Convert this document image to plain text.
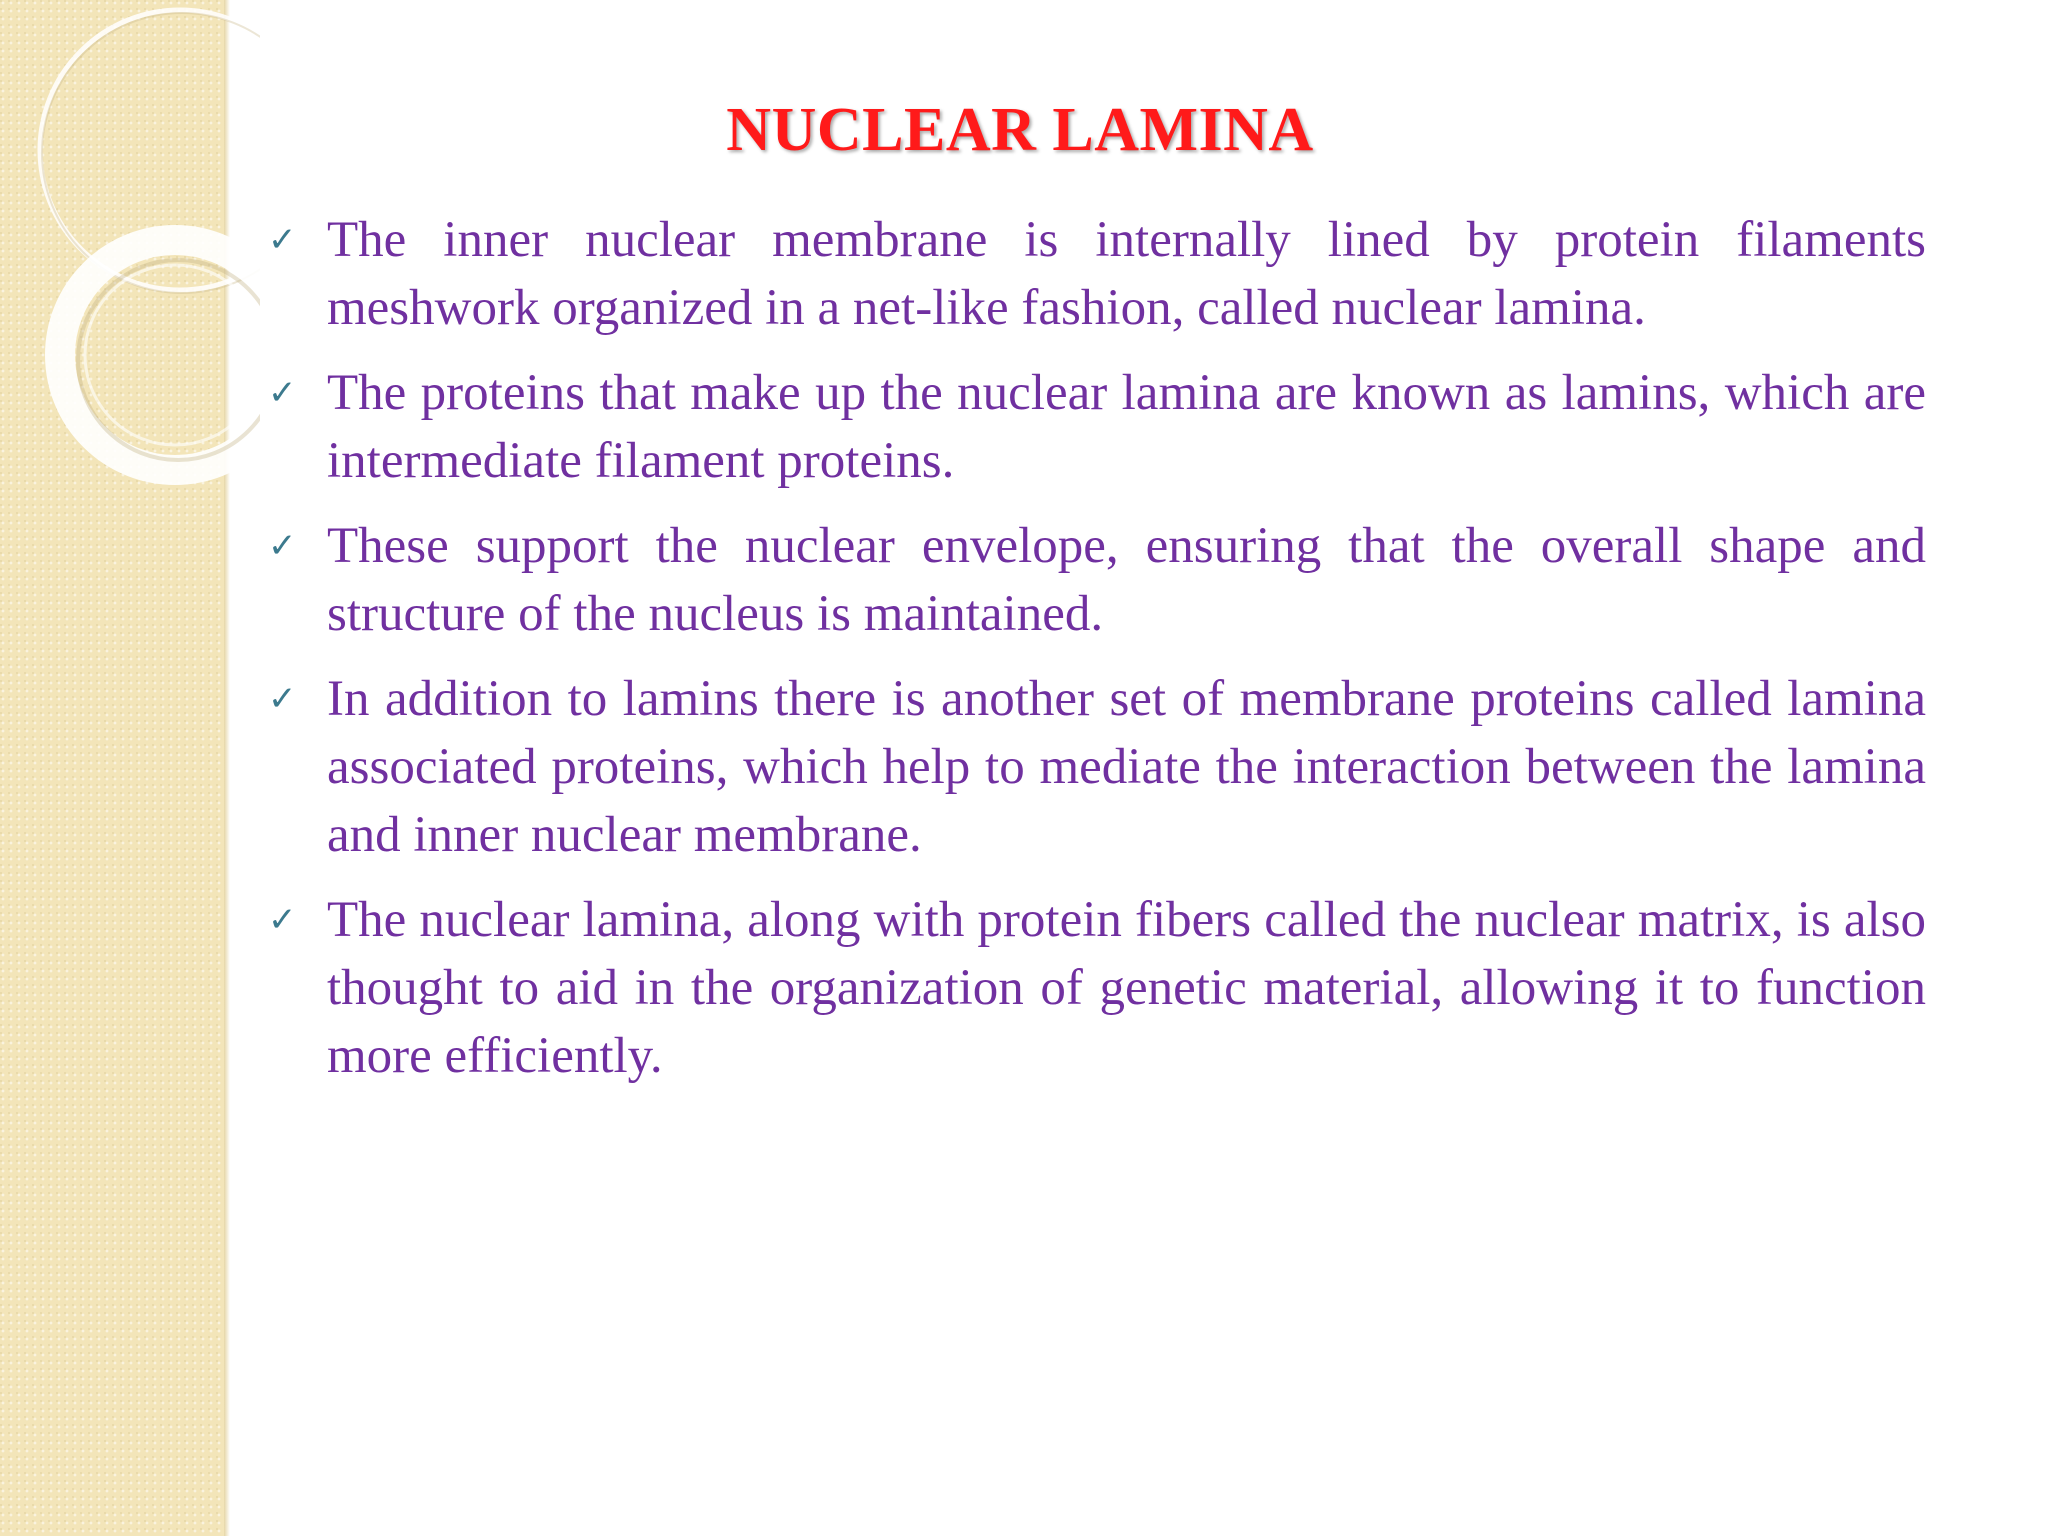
NUCLEAR LAMINA
✓ The inner nuclear membrane is internally lined by protein filaments meshwork organized in a net-like fashion, called nuclear lamina.
✓ The proteins that make up the nuclear lamina are known as lamins, which are intermediate filament proteins.
✓ These support the nuclear envelope, ensuring that the overall shape and structure of the nucleus is maintained.
✓ In addition to lamins there is another set of membrane proteins called lamina associated proteins, which help to mediate the interaction between the lamina and inner nuclear membrane.
✓ The nuclear lamina, along with protein fibers called the nuclear matrix, is also thought to aid in the organization of genetic material, allowing it to function more efficiently.
